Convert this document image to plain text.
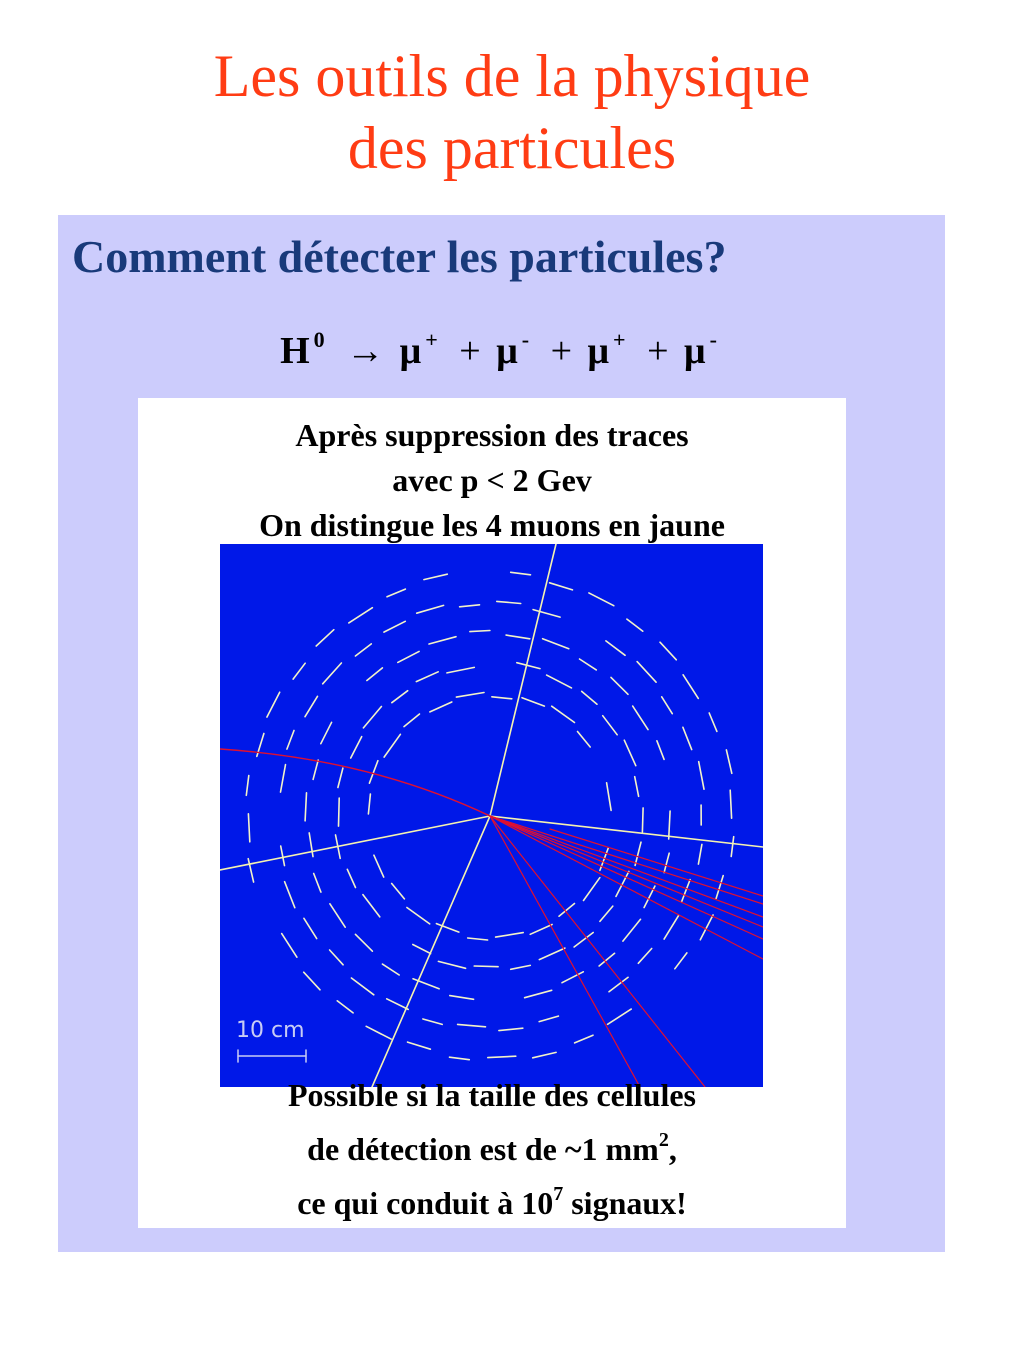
Les outils de la physique
des particules
Comment détecter les particules?
H $^0$ → μ + + μ - + μ + + μ -
Après suppression des traces
avec p < 2 Gev
On distingue les 4 muons en jaune
10 cm
Possible si la taille des cellules
de détection est de ~1 $mm^2$,
ce qui conduit à $10^7$ signaux!
